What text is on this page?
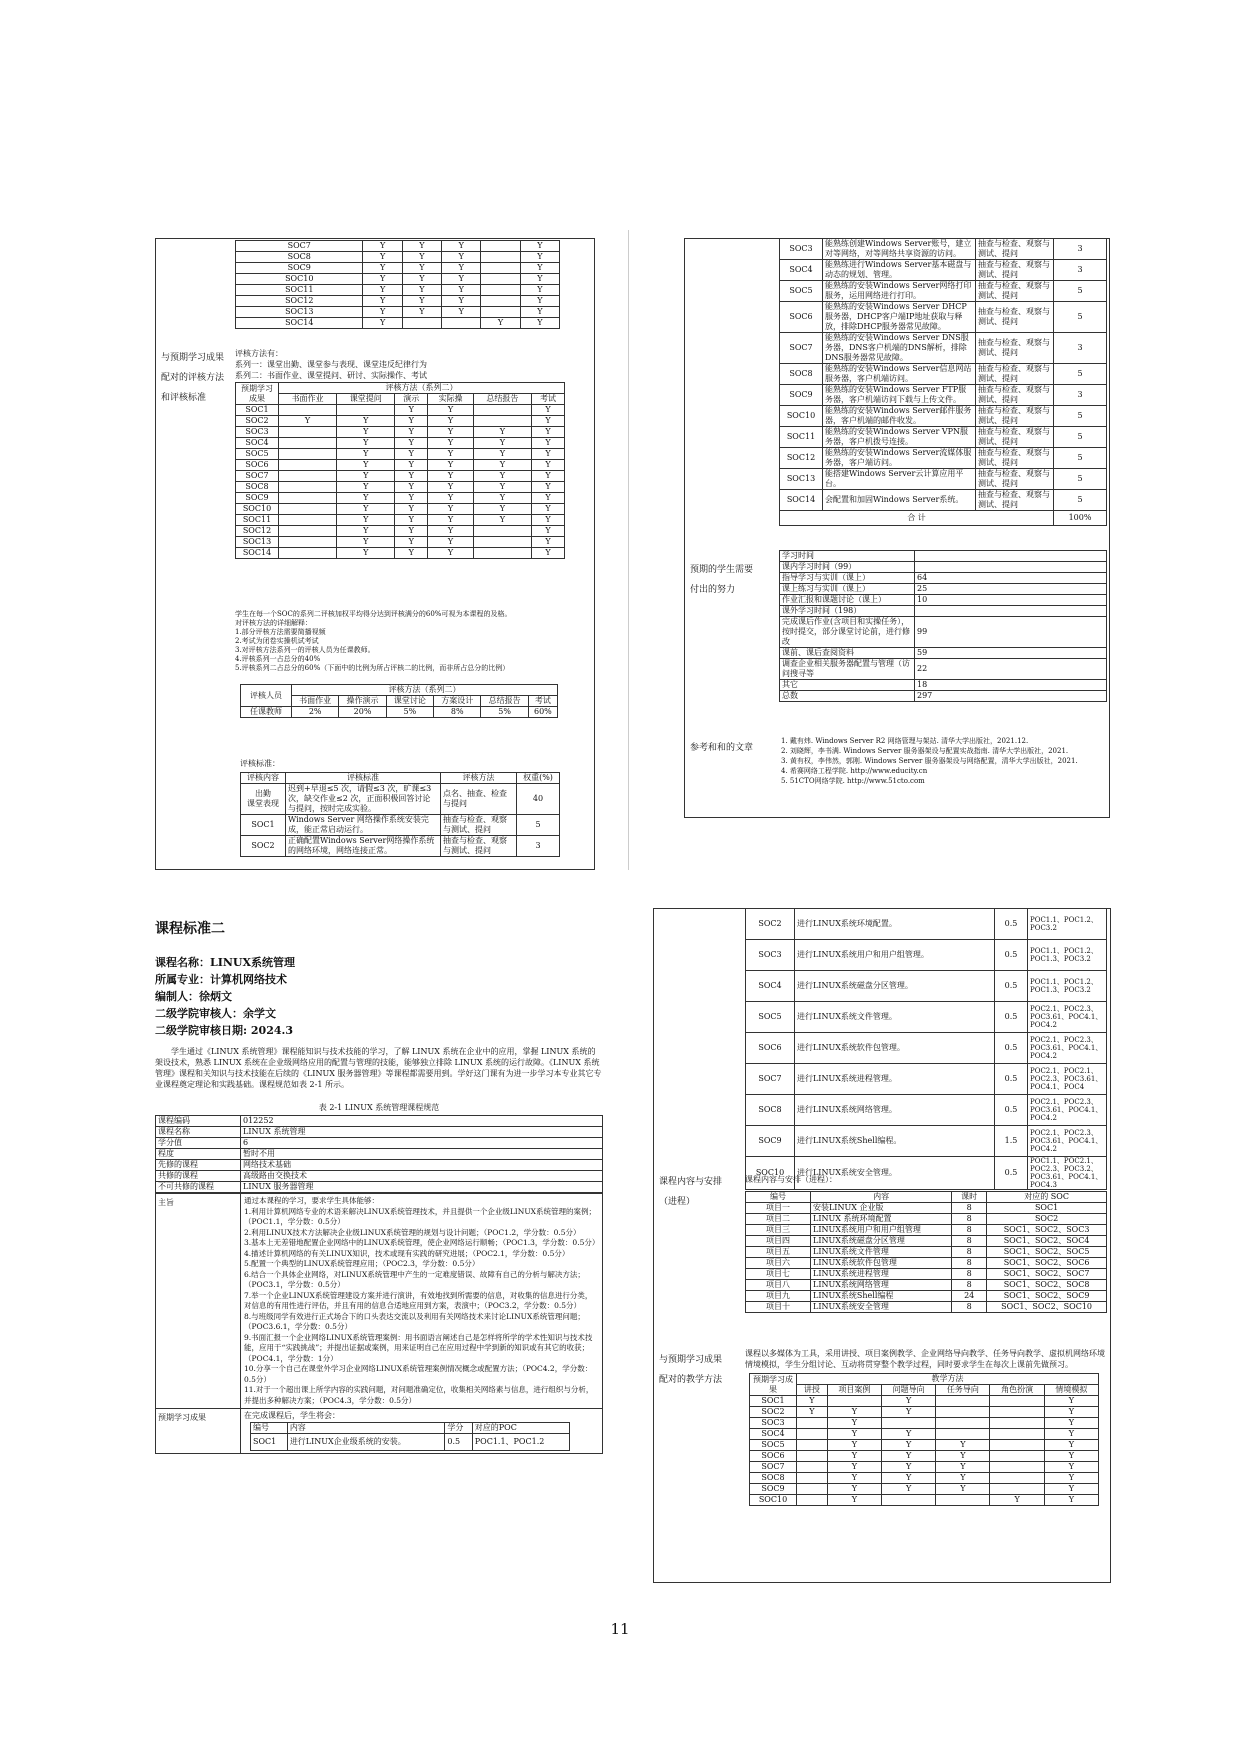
SOC7	Y	Y	Y		Y
SOC8	Y	Y	Y		Y
SOC9	Y	Y	Y		Y
SOC10	Y	Y	Y		Y
SOC11	Y	Y	Y		Y
SOC12	Y	Y	Y		Y
SOC13	Y	Y	Y		Y
SOC14	Y			Y	Y
与预期学习成果
配对的评核方法
和评核标准
评核方法有：
系列一：课堂出勤、课堂参与表现、课堂违反纪律行为
系列二：书面作业、课堂提问、研讨、实际操作、考试
预期学习成果	评核方法（系列二）					
	书面作业	课堂提问	演示	实际操	总结报告	考试
SOC1			Y	Y		Y
SOC2	Y	Y	Y	Y		Y
SOC3		Y	Y	Y	Y	Y
SOC4		Y	Y	Y	Y	Y
SOC5		Y	Y	Y	Y	Y
SOC6		Y	Y	Y	Y	Y
SOC7		Y	Y	Y	Y	Y
SOC8		Y	Y	Y	Y	Y
SOC9		Y	Y	Y	Y	Y
SOC10		Y	Y	Y	Y	Y
SOC11		Y	Y	Y	Y	Y
SOC12		Y	Y	Y		Y
SOC13		Y	Y	Y		Y
SOC14		Y	Y	Y		Y
学生在每一个SOC的系列二评核加权平均得分达到评核满分的60%可视为本课程的及格。
对评核方法的详细解释：
1.部分评核方法需要简播视频
2.考试为闭卷实操机试考试
3.对评核方法系列一的评核人员为任课教师。
4.评核系列一占总分的40%
5.评核系列二占总分的60%（下面中的比例为所占评核二的比例，而非所占总分的比例）
评核人员	评核方法（系列二）					
	书面作业	操作演示	课堂讨论	方案设计	总结报告	考试
任课教师	2%	20%	5%	8%	5%	60%
评核标准：
评核内容	评核标准	评核方法	权重(%)
出勤
课堂表现	迟到+早退≤5 次，请假≤3 次，旷课≤3 次，缺交作业≤2 次，正面积极回答讨论与提问，按时完成实验。	点名、抽查、检查与提问	40
SOC1	Windows Server 网络操作系统安装完成，能正常启动运行。	抽查与检查、观察与测试、提问	5
SOC2	正确配置Windows Server网络操作系统的网络环境，网络连接正常。	抽查与检查、观察与测试、提问	3
SOC3	能熟练创建Windows Server账号，建立对等网络，对等网络共享资源的访问。	抽查与检查、观察与测试、提问	3
SOC4	能熟练进行Windows Server基本磁盘与动态的规划、管理。	抽查与检查、观察与测试、提问	3
SOC5	能熟练的安装Windows Server网络打印服务，运用网络进行打印。	抽查与检查、观察与测试、提问	5
SOC6	能熟练的安装Windows Server DHCP服务器，DHCP客户端IP地址获取与释放，排除DHCP服务器常见故障。	抽查与检查、观察与测试、提问	5
SOC7	能熟练的安装Windows Server DNS服务器，DNS客户机端的DNS解析，排除DNS服务器常见故障。	抽查与检查、观察与测试、提问	3
SOC8	能熟练的安装Windows Server信息网站服务器，客户机端访问。	抽查与检查、观察与测试、提问	5
SOC9	能熟练的安装Windows Server FTP服务器，客户机端访问下载与上传文件。	抽查与检查、观察与测试、提问	3
SOC10	能熟练的安装Windows Server邮件服务器，客户机端的邮件收发。	抽查与检查、观察与测试、提问	5
SOC11	能熟练的安装Windows Server VPN服务器，客户机拨号连接。	抽查与检查、观察与测试、提问	5
SOC12	能熟练的安装Windows Server流媒体服务器，客户端访问。	抽查与检查、观察与测试、提问	5
SOC13	能搭建Windows Server云计算应用平台。	抽查与检查、观察与测试、提问	5
SOC14	会配置和加固Windows Server系统。	抽查与检查、观察与测试、提问	5
合 计			100%
预期的学生需要
付出的努力
学习时间	
课内学习时间（99）	
指导学习与实训（课上）	64
课上练习与实训（课上）	25
作业汇报和课题讨论（课上）	10
课外学习时间（198）	
完成课后作业(含项目和实操任务），按时提交，部分课堂讨论前，进行修改	99
课前、课后查阅资料	59
调查企业相关服务器配置与管理（访问搜寻等	22
其它	18
总数	297
参考和和的文章
1. 戴有炜. Windows Server R2 网络管理与架站. 清华大学出版社，2021.12.
2. 刘晓辉，李书满. Windows Server 服务器架设与配置实战指南. 清华大学出版社，2021.
3. 黄有权，李伟然，郭刚. Windows Server 服务器架设与网络配置，清华大学出版社，2021.
4. 希赛网络工程学院. http://www.educity.cn
5. 51CTO网络学院. http://www.51cto.com
课程标准二
课程名称：LINUX系统管理
所属专业：计算机网络技术
编制人：徐炳文
二级学院审核人：余学文
二级学院审核日期: 2024.3
学生通过《LINUX 系统管理》课程能知识与技术技能的学习，了解 LINUX 系统在企业中的应用，掌握 LINUX 系统的架设技术，熟悉 LINUX 系统在企业级网络应用的配置与管理的技能，能够独立排除 LINUX 系统的运行故障。《LINUX 系统管理》课程和关知识与技术技能在后续的《LINUX 服务器管理》等课程都需要用到。学好这门课有为进一步学习本专业其它专业课程奠定理论和实践基础。课程规范如表 2-1 所示。
表 2-1 LINUX 系统管理课程规范
课程编码	012252
课程名称	LINUX 系统管理
学分值	6
程度	暂时不用
先修的课程	网络技术基础
共修的课程	高级路由交换技术
不可共修的课程	LINUX 服务器管理
主旨	通过本课程的学习，要求学生具体能够：
1.利用计算机网络专业的术语来解决LINUX系统管理技术，并且提供一个企业级LINUX系统管理的案例；（POC1.1，学分数：0.5分）
2.利用LINUX技术方法解决企业级LINUX系统管理的规划与设计问题；（POC1.2，学分数：0.5分）
3.基本上无差错地配置企业网络中的LINUX系统管理，使企业网络运行顺畅；（POC1.3，学分数：0.5分）
4.描述计算机网络的有关LINUX知识，技术或现有实践的研究进展；（POC2.1，学分数：0.5分）
5.配置一个典型的LINUX系统管理应用；（POC2.3，学分数：0.5分）
6.结合一个具体企业网络，对LINUX系统管理中产生的一定难度错误、故障有自己的分析与解决方法；（POC3.1，学分数：0.5分）
7.举一个企业LINUX系统管理建设方案并进行演讲，有效地找到所需要的信息，对收集的信息进行分类，对信息的有用性进行评估，并且有用的信息合适地应用到方案，表演中；（POC3.2，学分数：0.5分）
8.与班级同学有效进行正式场合下的口头表达交流以及利用有关网络技术来讨论LINUX系统管理问题；（POC3.6.1，学分数：0.5分）
9.书面汇报一个企业网络LINUX系统管理案例：用书面语言阐述自己是怎样将所学的学术性知识与技术技能，应用于“实践挑战”；并提出证据或案例，用来证明自己在应用过程中学到新的知识或有其它的收获；（POC4.1，学分数：1分）
10.分享一个自己在课堂外学习企业网络LINUX系统管理案例情况概念或配置方法；（POC4.2，学分数：0.5分）
11.对于一个超出课上所学内容的实践问题，对问题准确定位，收集相关网络素与信息，进行组织与分析，并提出多种解决方案；（POC4.3，学分数：0.5分）

预期学习成果	在完成课程后，学生将会：
编号	内容	学分	对应的POC
SOC1	进行LINUX企业级系统的安装。	0.5	POC1.1、POC1.2
SOC2	进行LINUX系统环境配置。	0.5	POC1.1、POC1.2、POC3.2
SOC3	进行LINUX系统用户和用户组管理。	0.5	POC1.1、POC1.2、POC1.3、POC3.2
SOC4	进行LINUX系统磁盘分区管理。	0.5	POC1.1、POC1.2、POC1.3、POC3.2
SOC5	进行LINUX系统文件管理。	0.5	POC2.1、POC2.3、POC3.61、POC4.1、POC4.2
SOC6	进行LINUX系统软件包管理。	0.5	POC2.1、POC2.3、POC3.61、POC4.1、POC4.2
SOC7	进行LINUX系统进程管理。	0.5	POC2.1、POC2.1、POC2.3、POC3.61、POC4.1、POC4
SOC8	进行LINUX系统网络管理。	0.5	POC2.1、POC2.3、POC3.61、POC4.1、POC4.2
SOC9	进行LINUX系统Shell编程。	1.5	POC2.1、POC2.3、POC3.61、POC4.1、POC4.2
SOC10	进行LINUX系统安全管理。	0.5	POC1.1、POC2.1、POC2.3、POC3.2、POC3.61、POC4.1、POC4.3
课程内容与安排
（进程）
课程内容与安排（进程）：
编号	内容	课时	对应的 SOC
项目一	安装LINUX 企业版	8	SOC1
项目二	LINUX 系统环境配置	8	SOC2
项目三	LINUX系统用户和用户组管理	8	SOC1、SOC2、SOC3
项目四	LINUX系统磁盘分区管理	8	SOC1、SOC2、SOC4
项目五	LINUX系统文件管理	8	SOC1、SOC2、SOC5
项目六	LINUX系统软件包管理	8	SOC1、SOC2、SOC6
项目七	LINUX系统进程管理	8	SOC1、SOC2、SOC7
项目八	LINUX系统网络管理	8	SOC1、SOC2、SOC8
项目九	LINUX系统Shell编程	24	SOC1、SOC2、SOC9
项目十	LINUX系统安全管理	8	SOC1、SOC2、SOC10
与预期学习成果
配对的教学方法
课程以多媒体为工具，采用讲授、项目案例教学、企业网络导向教学、任务导向教学、虚拟机网络环境情境模拟，学生分组讨论、互动将贯穿整个教学过程，同时要求学生在每次上课前先做预习。
预期学习成果	教学方法					
	讲授	项目案例	问题导向	任务导向	角色扮演	情境模拟
SOC1	Y		Y			Y
SOC2	Y	Y	Y			Y
SOC3		Y				Y
SOC4		Y	Y			Y
SOC5		Y	Y	Y		Y
SOC6		Y	Y	Y		Y
SOC7		Y	Y	Y		Y
SOC8		Y	Y	Y		Y
SOC9		Y	Y	Y		Y
SOC10		Y			Y	Y
11
